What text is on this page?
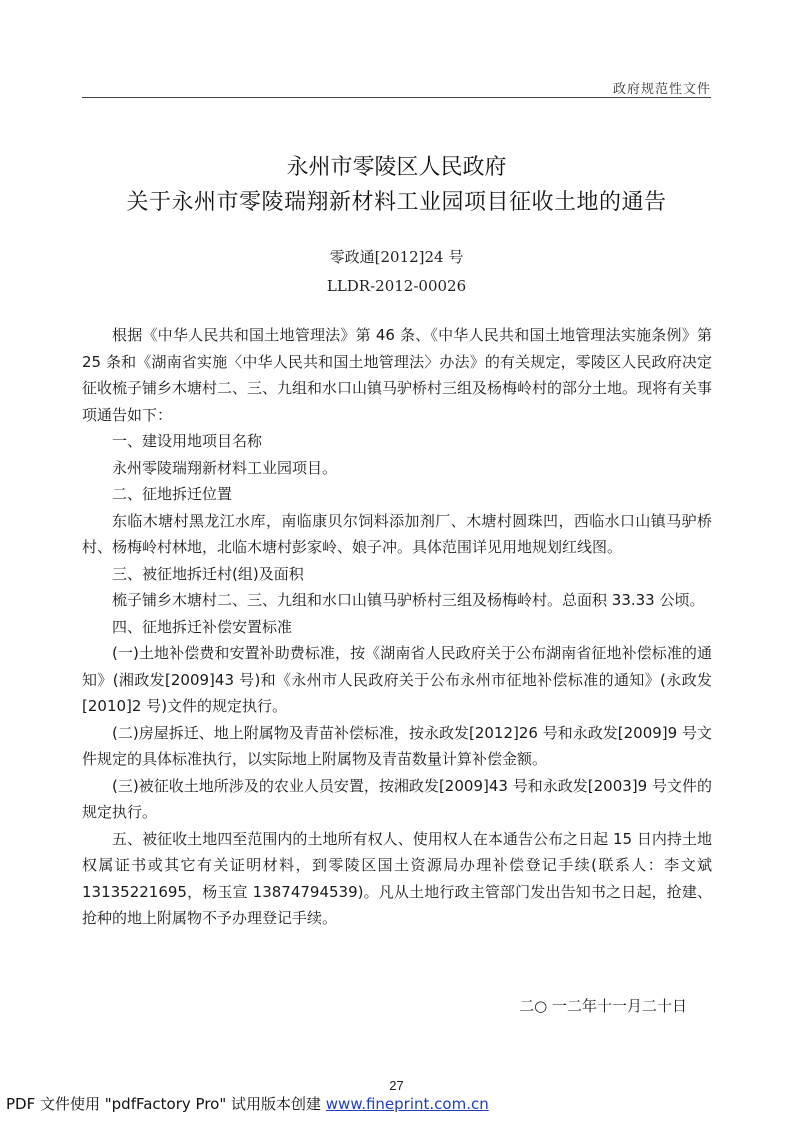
政府规范性文件
永州市零陵区人民政府
关于永州市零陵瑞翔新材料工业园项目征收土地的通告
零政通[2012]24 号
LLDR-2012-00026

根据《中华人民共和国土地管理法》第 46 条、《中华人民共和国土地管理法实施条例》第 25 条和《湖南省实施〈中华人民共和国土地管理法〉办法》的有关规定，零陵区人民政府决定征收梳子铺乡木塘村二、三、九组和水口山镇马驴桥村三组及杨梅岭村的部分土地。现将有关事项通告如下：

一、建设用地项目名称

永州零陵瑞翔新材料工业园项目。

二、征地拆迁位置

东临木塘村黑龙江水库，南临康贝尔饲料添加剂厂、木塘村圆珠凹，西临水口山镇马驴桥村、杨梅岭村林地，北临木塘村彭家岭、娘子冲。具体范围详见用地规划红线图。

三、被征地拆迁村(组)及面积

梳子铺乡木塘村二、三、九组和水口山镇马驴桥村三组及杨梅岭村。总面积 33.33 公顷。

四、征地拆迁补偿安置标准

(一)土地补偿费和安置补助费标准，按《湖南省人民政府关于公布湖南省征地补偿标准的通知》(湘政发[2009]43 号)和《永州市人民政府关于公布永州市征地补偿标准的通知》(永政发[2010]2 号)文件的规定执行。

(二)房屋拆迁、地上附属物及青苗补偿标准，按永政发[2012]26 号和永政发[2009]9 号文件规定的具体标准执行，以实际地上附属物及青苗数量计算补偿金额。

(三)被征收土地所涉及的农业人员安置，按湘政发[2009]43 号和永政发[2003]9 号文件的规定执行。

五、被征收土地四至范围内的土地所有权人、使用权人在本通告公布之日起 15 日内持土地权属证书或其它有关证明材料，到零陵区国土资源局办理补偿登记手续(联系人：李文斌 13135221695，杨玉宣 13874794539)。凡从土地行政主管部门发出告知书之日起，抢建、抢种的地上附属物不予办理登记手续。

二○ 一二年十一月二十日
27
PDF 文件使用 "pdfFactory Pro" 试用版本创建 www.fineprint.com.cn
